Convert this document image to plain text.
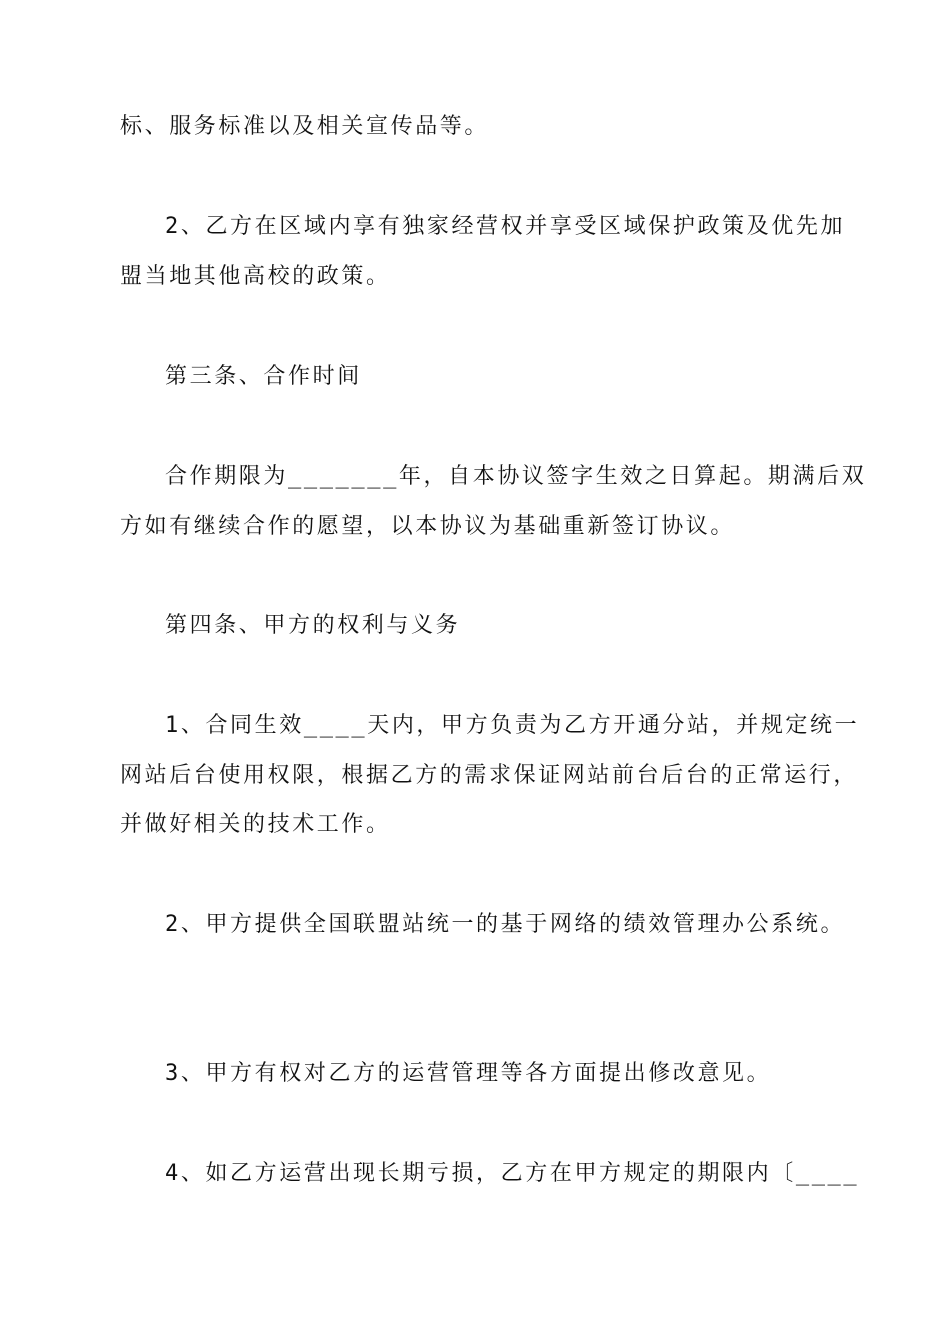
标、服务标准以及相关宣传品等。

2、乙方在区域内享有独家经营权并享受区域保护政策及优先加

盟当地其他高校的政策。

第三条、合作时间

合作期限为_______年，自本协议签字生效之日算起。期满后双

方如有继续合作的愿望，以本协议为基础重新签订协议。

第四条、甲方的权利与义务

1、合同生效____天内，甲方负责为乙方开通分站，并规定统一

网站后台使用权限，根据乙方的需求保证网站前台后台的正常运行，

并做好相关的技术工作。

2、甲方提供全国联盟站统一的基于网络的绩效管理办公系统。

3、甲方有权对乙方的运营管理等各方面提出修改意见。

4、如乙方运营出现长期亏损，乙方在甲方规定的期限内〔____
